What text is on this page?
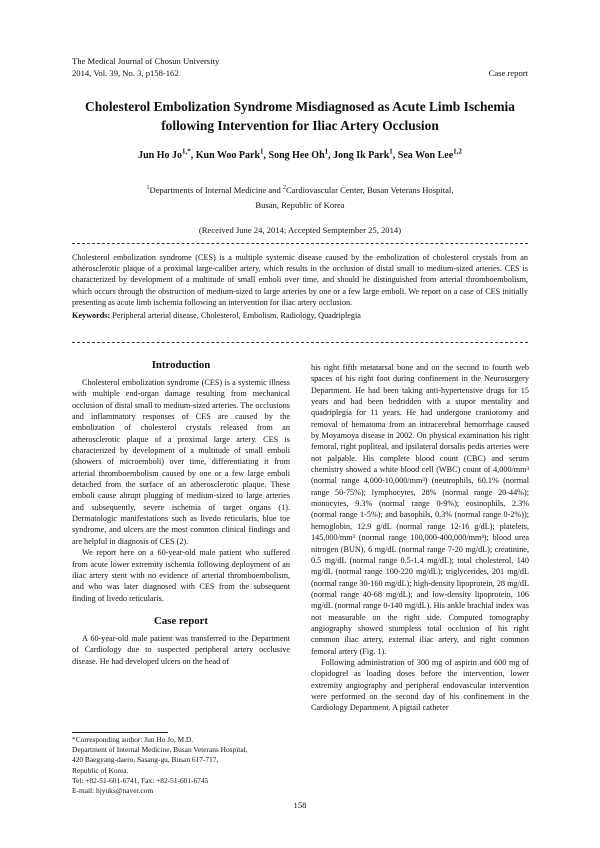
The Medical Journal of Chosun University
2014, Vol. 39, No. 3, p158-162	Case report
Cholesterol Embolization Syndrome Misdiagnosed as Acute Limb Ischemia following Intervention for Iliac Artery Occlusion
Jun Ho $Jo^{1,*}$, Kun Woo Park$^1$, Song Hee Oh$^1$, Jong Ik Park$^1$, Sea Won Lee$^{1,2}$
$^1$Departments of Internal Medicine and $^2$Cardiovascular Center, Busan Veterans Hospital,
Busan, Republic of Korea
(Received June 24, 2014; Accepted Semptember 25, 2014)
Cholesterol embolization syndrome (CES) is a multiple systemic disease caused by the embolization of cholesterol crystals from an atherosclerotic plaque of a proximal large-caliber artery, which results in the occlusion of distal small to medium-sized arteries. CES is characterized by development of a multitude of small emboli over time, and should be distinguished from arterial thromboembolism, which occurs through the obstruction of medium-sized to large arteries by one or a few large emboli. We report on a case of CES initially presenting as acute limb ischemia following an intervention for iliac artery occlusion.
Keywords: Peripheral arterial disease, Cholesterol, Embolism, Radiology, Quadriplegia
Introduction

Cholesterol embolization syndrome (CES) is a systemic illness with multiple end-organ damage resulting from mechanical occlusion of distal small to medium-sized arteries. The occlusions and inflammatory responses of CES are caused by the embolization of cholesterol crystals released from an atherosclerotic plaque of a proximal large artery. CES is characterized by development of a multitude of small emboli (showers of microemboli) over time, differentiating it from arterial thromboembolism caused by one or a few large emboli detached from the surface of an atherosclerotic plaque. These emboli cause abrupt plugging of medium-sized to large arteries and subsequently, severe ischemia of target organs (1). Dermatologic manifestations such as livedo reticularis, blue toe syndrome, and ulcers are the most common clinical findings and are helpful in diagnosis of CES (2).

We report here on a 60-year-old male patient who suffered from acute lower extremity ischemia following deployment of an iliac artery stent with no evidence of arterial thromboembolism, and who was later diagnosed with CES from the subsequent finding of livedo reticularis.

Case report

A 60-year-old male patient was transferred to the Department of Cardiology due to suspected peripheral artery occlusive disease. He had developed ulcers on the head of

his right fifth metatarsal bone and on the second to fourth web spaces of his right foot during confinement in the Neurosurgery Department. He had been taking anti-hypertensive drugs for 15 years and had been bedridden with a stupor mentality and quadriplegia for 11 years. He had undergone craniotomy and removal of hematoma from an intracerebral hemorrhage caused by Moyamoya disease in 2002. On physical examination his right femoral, right popliteal, and ipsilateral dorsalis pedis arteries were not palpable. His complete blood count (CBC) and serum chemistry showed a white blood cell (WBC) count of 4,000/mm³ (normal range 4,000-10,000/mm³) (neutrophils, 60.1% (normal range 50-75%); lymphocytes, 28% (normal range 20-44%); monocytes, 9.3% (normal range 0-9%); eosinophils, 2.3% (normal range 1-5%); and basophils, 0.3% (normal range 0-2%)); hemoglobin, 12.9 g/dL (normal range 12-16 g/dL); platelets, 145,000/mm³ (normal range 100,000-400,000/mm³); blood urea nitrogen (BUN), 6 mg/dL (normal range 7-20 mg/dL); creatinine, 0.5 mg/dL (normal range 0.5-1.4 mg/dL); total cholesterol, 140 mg/dL (normal range 100-220 mg/dL); triglycerides, 201 mg/dL (normal range 30-160 mg/dL); high-density lipoprotein, 28 mg/dL (normal range 40-68 mg/dL); and low-density lipoprotein, 106 mg/dL (normal range 0-140 mg/dL). His ankle brachial index was not measurable on the right side. Computed tomography angiography showed stumpless total occlusion of his right common iliac artery, external iliac artery, and right common femoral artery (Fig. 1).

Following administration of 300 mg of aspirin and 600 mg of clopidogrel as loading doses before the intervention, lower extremity angiography and peripheral endovascular intervention were performed on the second day of his confinement in the Cardiology Department. A pigtail catheter

*Corresponding author: Jun Ho Jo, M.D.
Department of Internal Medicine, Busan Veterans Hospital,
420 Baegyang-daero, Sasang-gu, Busan 617-717,
Republic of Korea.
Tel: +82-51-601-6741, Fax: +82-51-601-6745
E-mail: hjyuks@naver.com
158
